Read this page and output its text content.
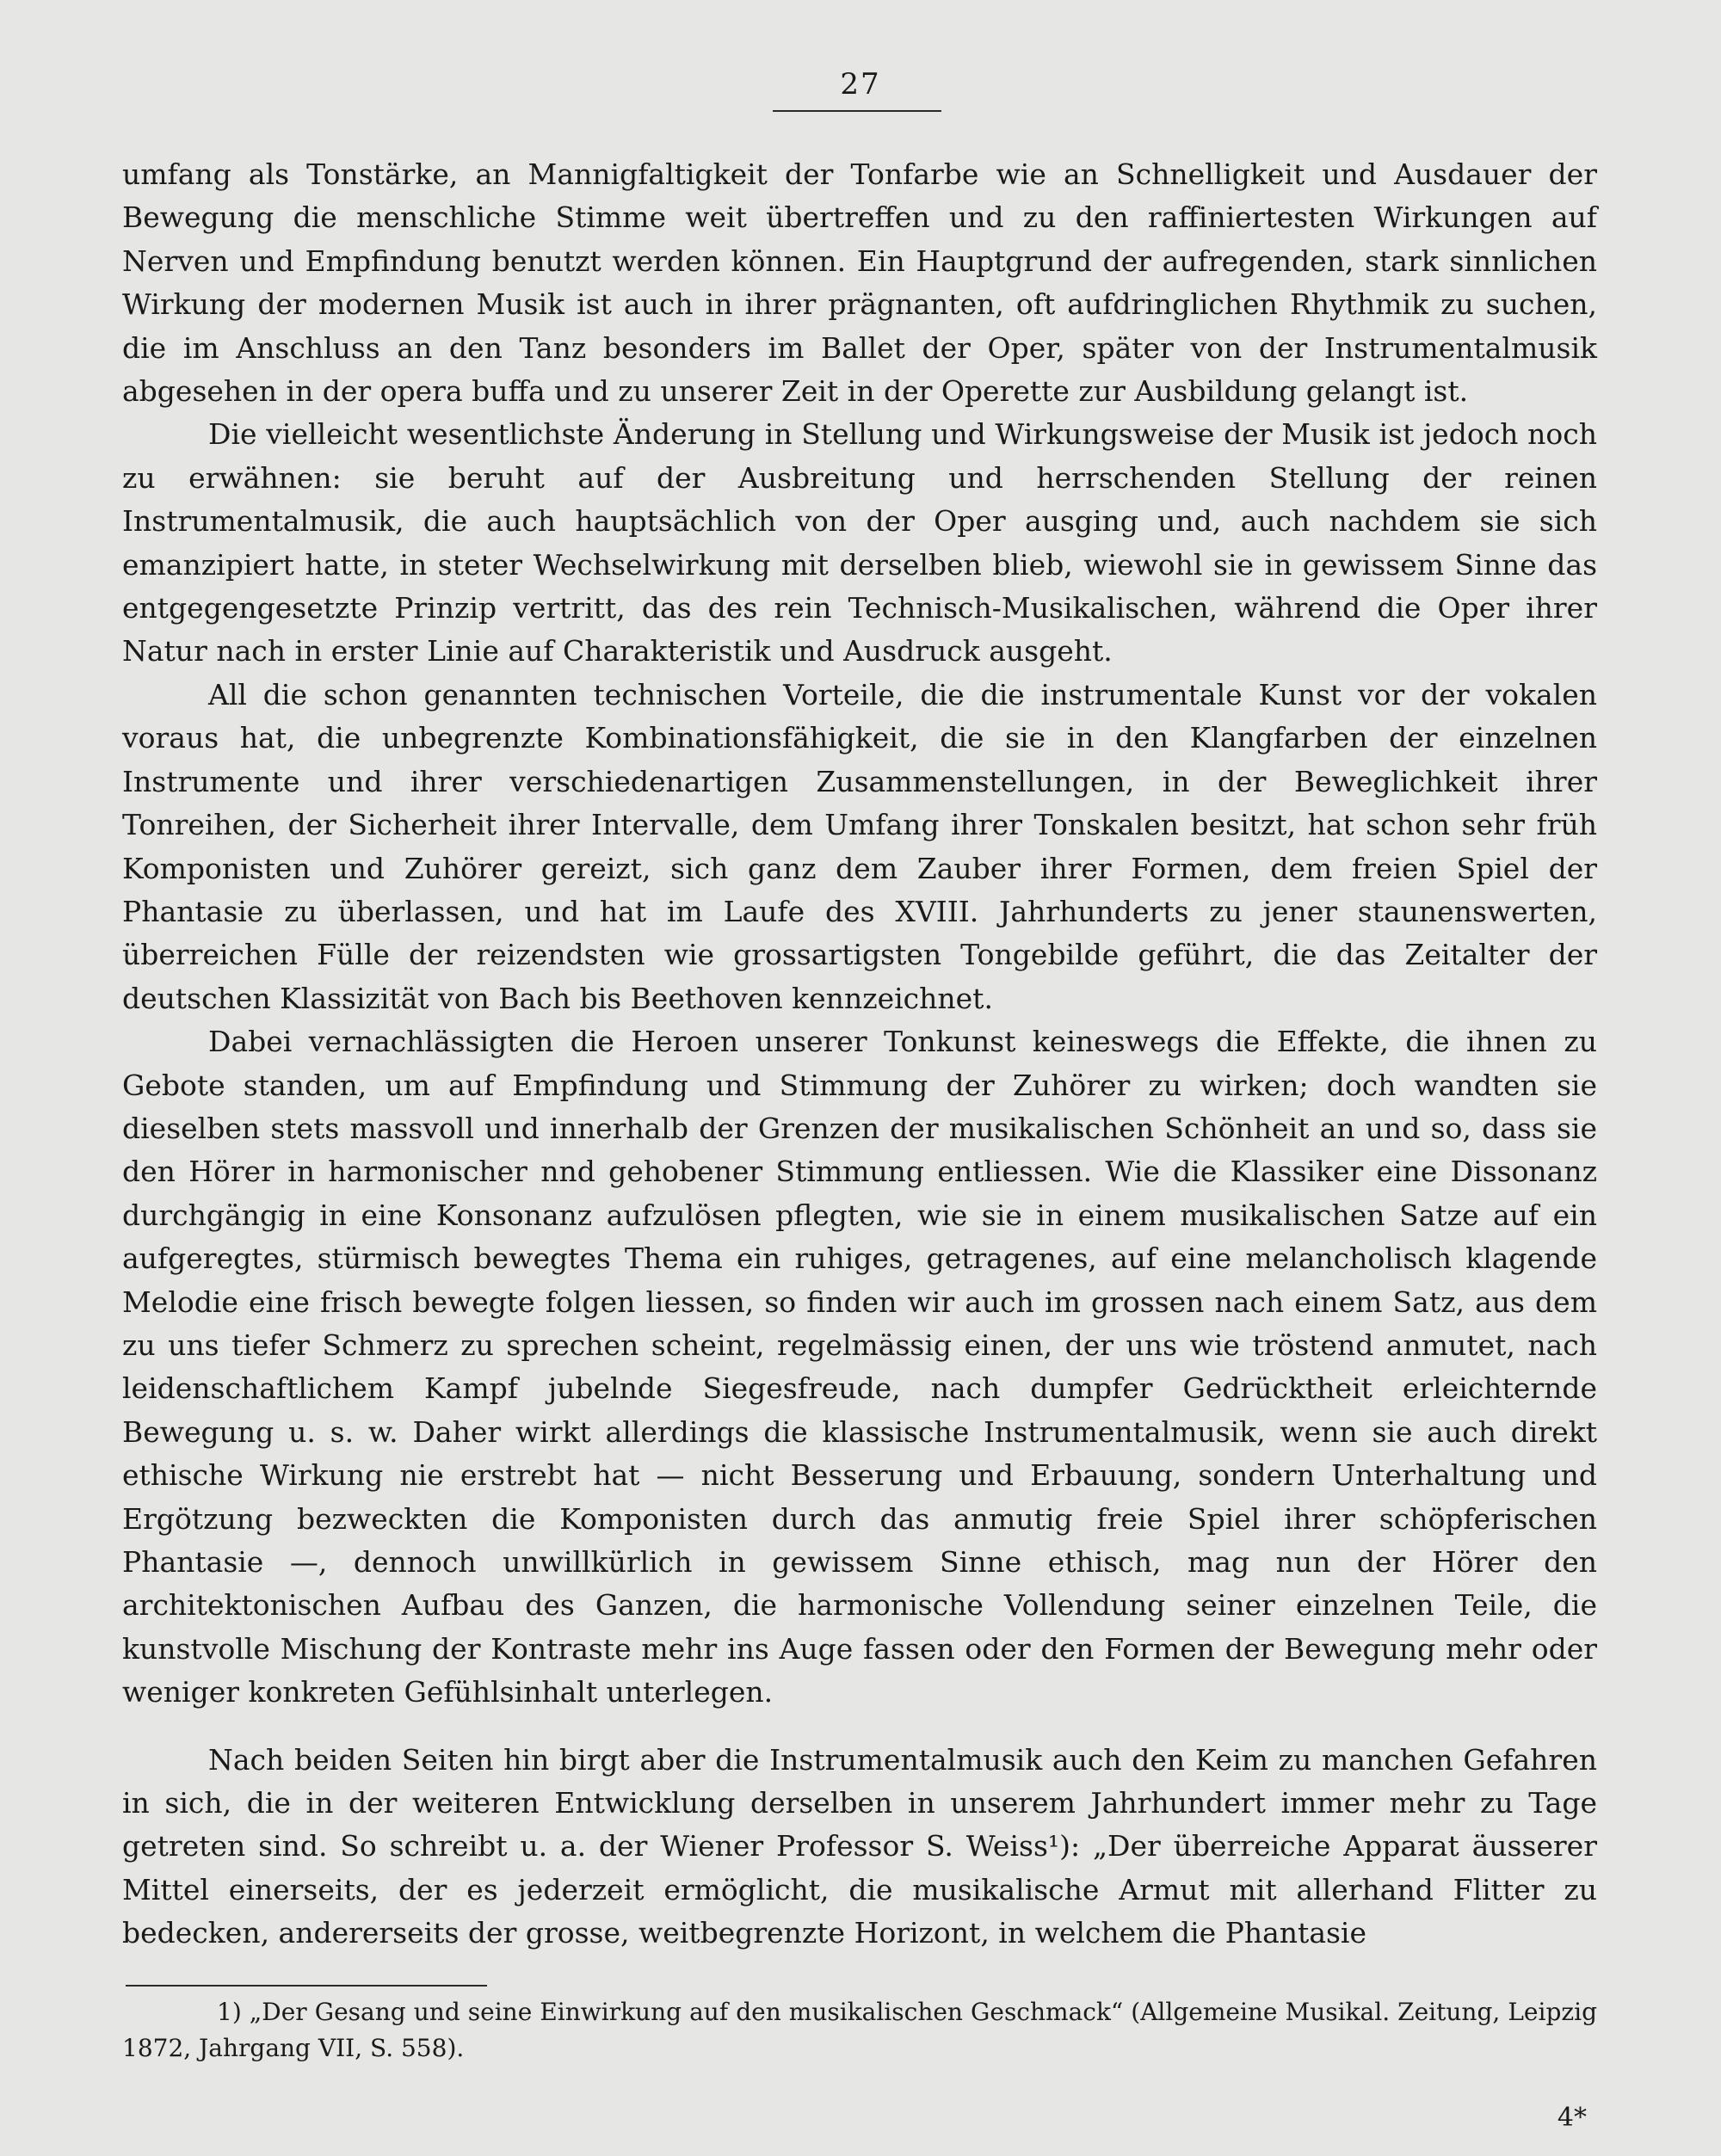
27

umfang als Tonstärke, an Mannigfaltigkeit der Tonfarbe wie an Schnelligkeit und Ausdauer der Bewegung die menschliche Stimme weit übertreffen und zu den raffiniertesten Wirkungen auf Nerven und Empfindung benutzt werden können. Ein Hauptgrund der aufregenden, stark sinnlichen Wirkung der modernen Musik ist auch in ihrer prägnanten, oft aufdringlichen Rhythmik zu suchen, die im Anschluss an den Tanz besonders im Ballet der Oper, später von der Instrumentalmusik abgesehen in der opera buffa und zu unserer Zeit in der Operette zur Ausbildung gelangt ist.

Die vielleicht wesentlichste Änderung in Stellung und Wirkungsweise der Musik ist jedoch noch zu erwähnen: sie beruht auf der Ausbreitung und herrschenden Stellung der reinen Instrumentalmusik, die auch hauptsächlich von der Oper ausging und, auch nachdem sie sich emanzipiert hatte, in steter Wechselwirkung mit derselben blieb, wiewohl sie in gewissem Sinne das entgegengesetzte Prinzip vertritt, das des rein Technisch-Musikalischen, während die Oper ihrer Natur nach in erster Linie auf Charakteristik und Ausdruck ausgeht.

All die schon genannten technischen Vorteile, die die instrumentale Kunst vor der vokalen voraus hat, die unbegrenzte Kombinationsfähigkeit, die sie in den Klangfarben der einzelnen Instrumente und ihrer verschiedenartigen Zusammenstellungen, in der Beweglichkeit ihrer Tonreihen, der Sicherheit ihrer Intervalle, dem Umfang ihrer Tonskalen besitzt, hat schon sehr früh Komponisten und Zuhörer gereizt, sich ganz dem Zauber ihrer Formen, dem freien Spiel der Phantasie zu überlassen, und hat im Laufe des XVIII. Jahrhunderts zu jener staunenswerten, überreichen Fülle der reizendsten wie grossartigsten Tongebilde geführt, die das Zeitalter der deutschen Klassizität von Bach bis Beethoven kennzeichnet.

Dabei vernachlässigten die Heroen unserer Tonkunst keineswegs die Effekte, die ihnen zu Gebote standen, um auf Empfindung und Stimmung der Zuhörer zu wirken; doch wandten sie dieselben stets massvoll und innerhalb der Grenzen der musikalischen Schönheit an und so, dass sie den Hörer in harmonischer nnd gehobener Stimmung entliessen. Wie die Klassiker eine Dissonanz durchgängig in eine Konsonanz aufzulösen pflegten, wie sie in einem musikalischen Satze auf ein aufgeregtes, stürmisch bewegtes Thema ein ruhiges, getragenes, auf eine melancholisch klagende Melodie eine frisch bewegte folgen liessen, so finden wir auch im grossen nach einem Satz, aus dem zu uns tiefer Schmerz zu sprechen scheint, regelmässig einen, der uns wie tröstend anmutet, nach leidenschaftlichem Kampf jubelnde Siegesfreude, nach dumpfer Gedrücktheit erleichternde Bewegung u. s. w. Daher wirkt allerdings die klassische Instrumentalmusik, wenn sie auch direkt ethische Wirkung nie erstrebt hat — nicht Besserung und Erbauung, sondern Unterhaltung und Ergötzung bezweckten die Komponisten durch das anmutig freie Spiel ihrer schöpferischen Phantasie —, dennoch unwillkürlich in gewissem Sinne ethisch, mag nun der Hörer den architektonischen Aufbau des Ganzen, die harmonische Vollendung seiner einzelnen Teile, die kunstvolle Mischung der Kontraste mehr ins Auge fassen oder den Formen der Bewegung mehr oder weniger konkreten Gefühlsinhalt unterlegen.

Nach beiden Seiten hin birgt aber die Instrumentalmusik auch den Keim zu manchen Gefahren in sich, die in der weiteren Entwicklung derselben in unserem Jahrhundert immer mehr zu Tage getreten sind. So schreibt u. a. der Wiener Professor S. Weiss¹): „Der überreiche Apparat äusserer Mittel einerseits, der es jederzeit ermöglicht, die musikalische Armut mit allerhand Flitter zu bedecken, andererseits der grosse, weitbegrenzte Horizont, in welchem die Phantasie

1) „Der Gesang und seine Einwirkung auf den musikalischen Geschmack“ (Allgemeine Musikal. Zeitung, Leipzig 1872, Jahrgang VII, S. 558).

4*
